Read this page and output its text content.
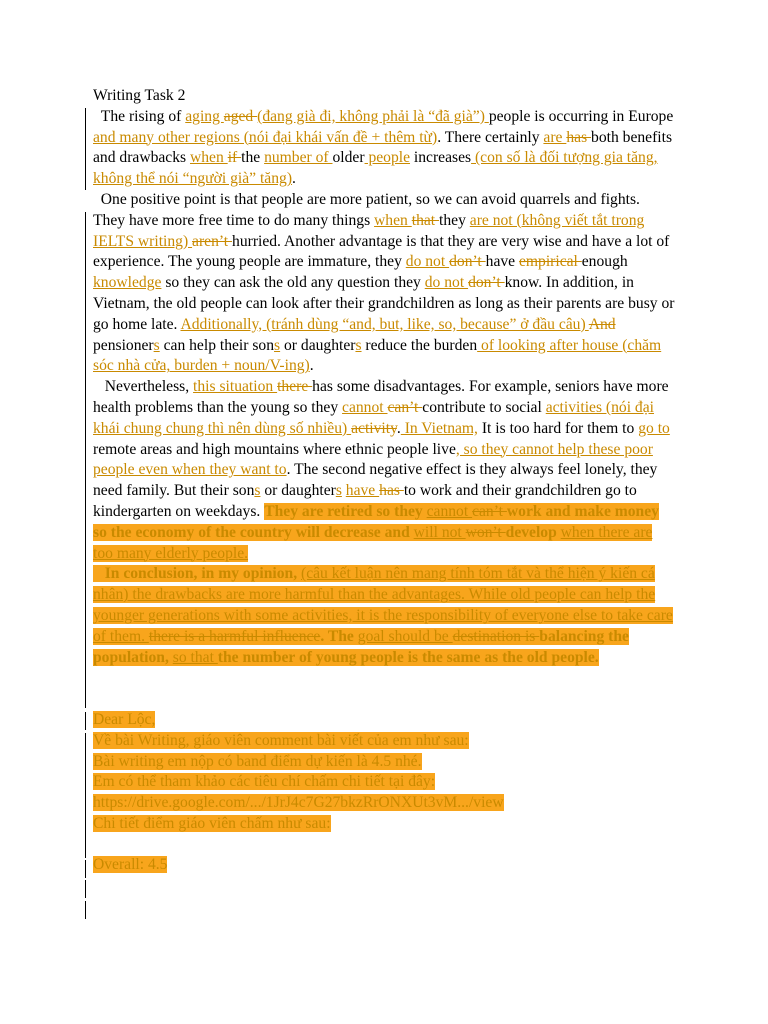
Writing Task 2

The rising of aging aged (đang già đi, không phải là “đã già”) people is occurring in Europe and many other regions (nói đại khái vấn đề + thêm từ). There certainly are has both benefits and drawbacks when if the number of older people increases (con số là đối tượng gia tăng, không thể nói “người già” tăng).

One positive point is that people are more patient, so we can avoid quarrels and fights. They have more free time to do many things when that they are not (không viết tắt trong IELTS writing) aren’t hurried. Another advantage is that they are very wise and have a lot of experience. The young people are immature, they do not don’t have empirical enough knowledge so they can ask the old any question they do not don’t know. In addition, in Vietnam, the old people can look after their grandchildren as long as their parents are busy or go home late. Additionally, (tránh dùng “and, but, like, so, because” ở đầu câu) And pensioners can help their sons or daughters reduce the burden of looking after house (chăm sóc nhà cửa, burden + noun/V-ing).

Nevertheless, this situation there has some disadvantages. For example, seniors have more health problems than the young so they cannot can’t contribute to social activities (nói đại khái chung chung thì nên dùng số nhiều) activity. In Vietnam, It is too hard for them to go to remote areas and high mountains where ethnic people live, so they cannot help these poor people even when they want to. The second negative effect is they always feel lonely, they need family. But their sons or daughters have has to work and their grandchildren go to kindergarten on weekdays. They are retired so they cannot can’t work and make money so the economy of the country will decrease and will not won’t develop when there are too many elderly people.

In conclusion, in my opinion, (câu kết luận nên mang tính tóm tắt và thể hiện ý kiến cá nhân) the drawbacks are more harmful than the advantages. While old people can help the younger generations with some activities, it is the responsibility of everyone else to take care of them. there is a harmful influence. The goal should be destination is balancing the population, so that the number of young people is the same as the old people.

Dear Lộc,

Về bài Writing, giáo viên comment bài viết của em như sau:

Bài writing em nộp có band điểm dự kiến là 4.5 nhé.

Em có thể tham khảo các tiêu chí chấm chi tiết tại đây:

https://drive.google.com/.../1JrJ4c7G27bkzRrONXUt3vM.../view

Chi tiết điểm giáo viên chấm như sau:

Overall: 4.5
